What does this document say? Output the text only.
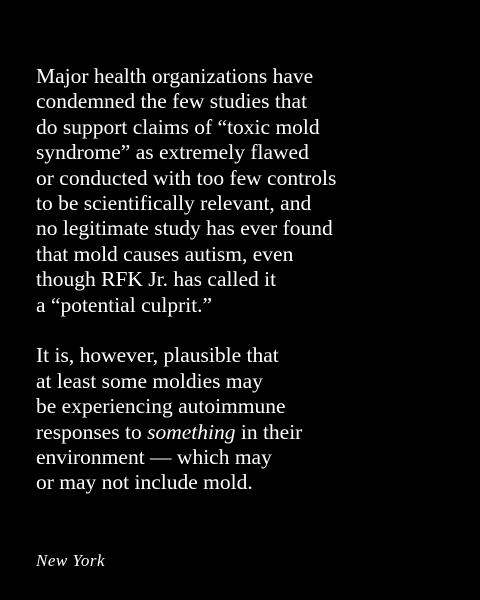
Major health organizations have
condemned the few studies that
do support claims of “toxic mold
syndrome” as extremely flawed
or conducted with too few controls
to be scientifically relevant, and
no legitimate study has ever found
that mold causes autism, even
though RFK Jr. has called it
a “potential culprit.”

It is, however, plausible that
at least some moldies may
be experiencing autoimmune
responses to something in their
environment — which may
or may not include mold.

New York
